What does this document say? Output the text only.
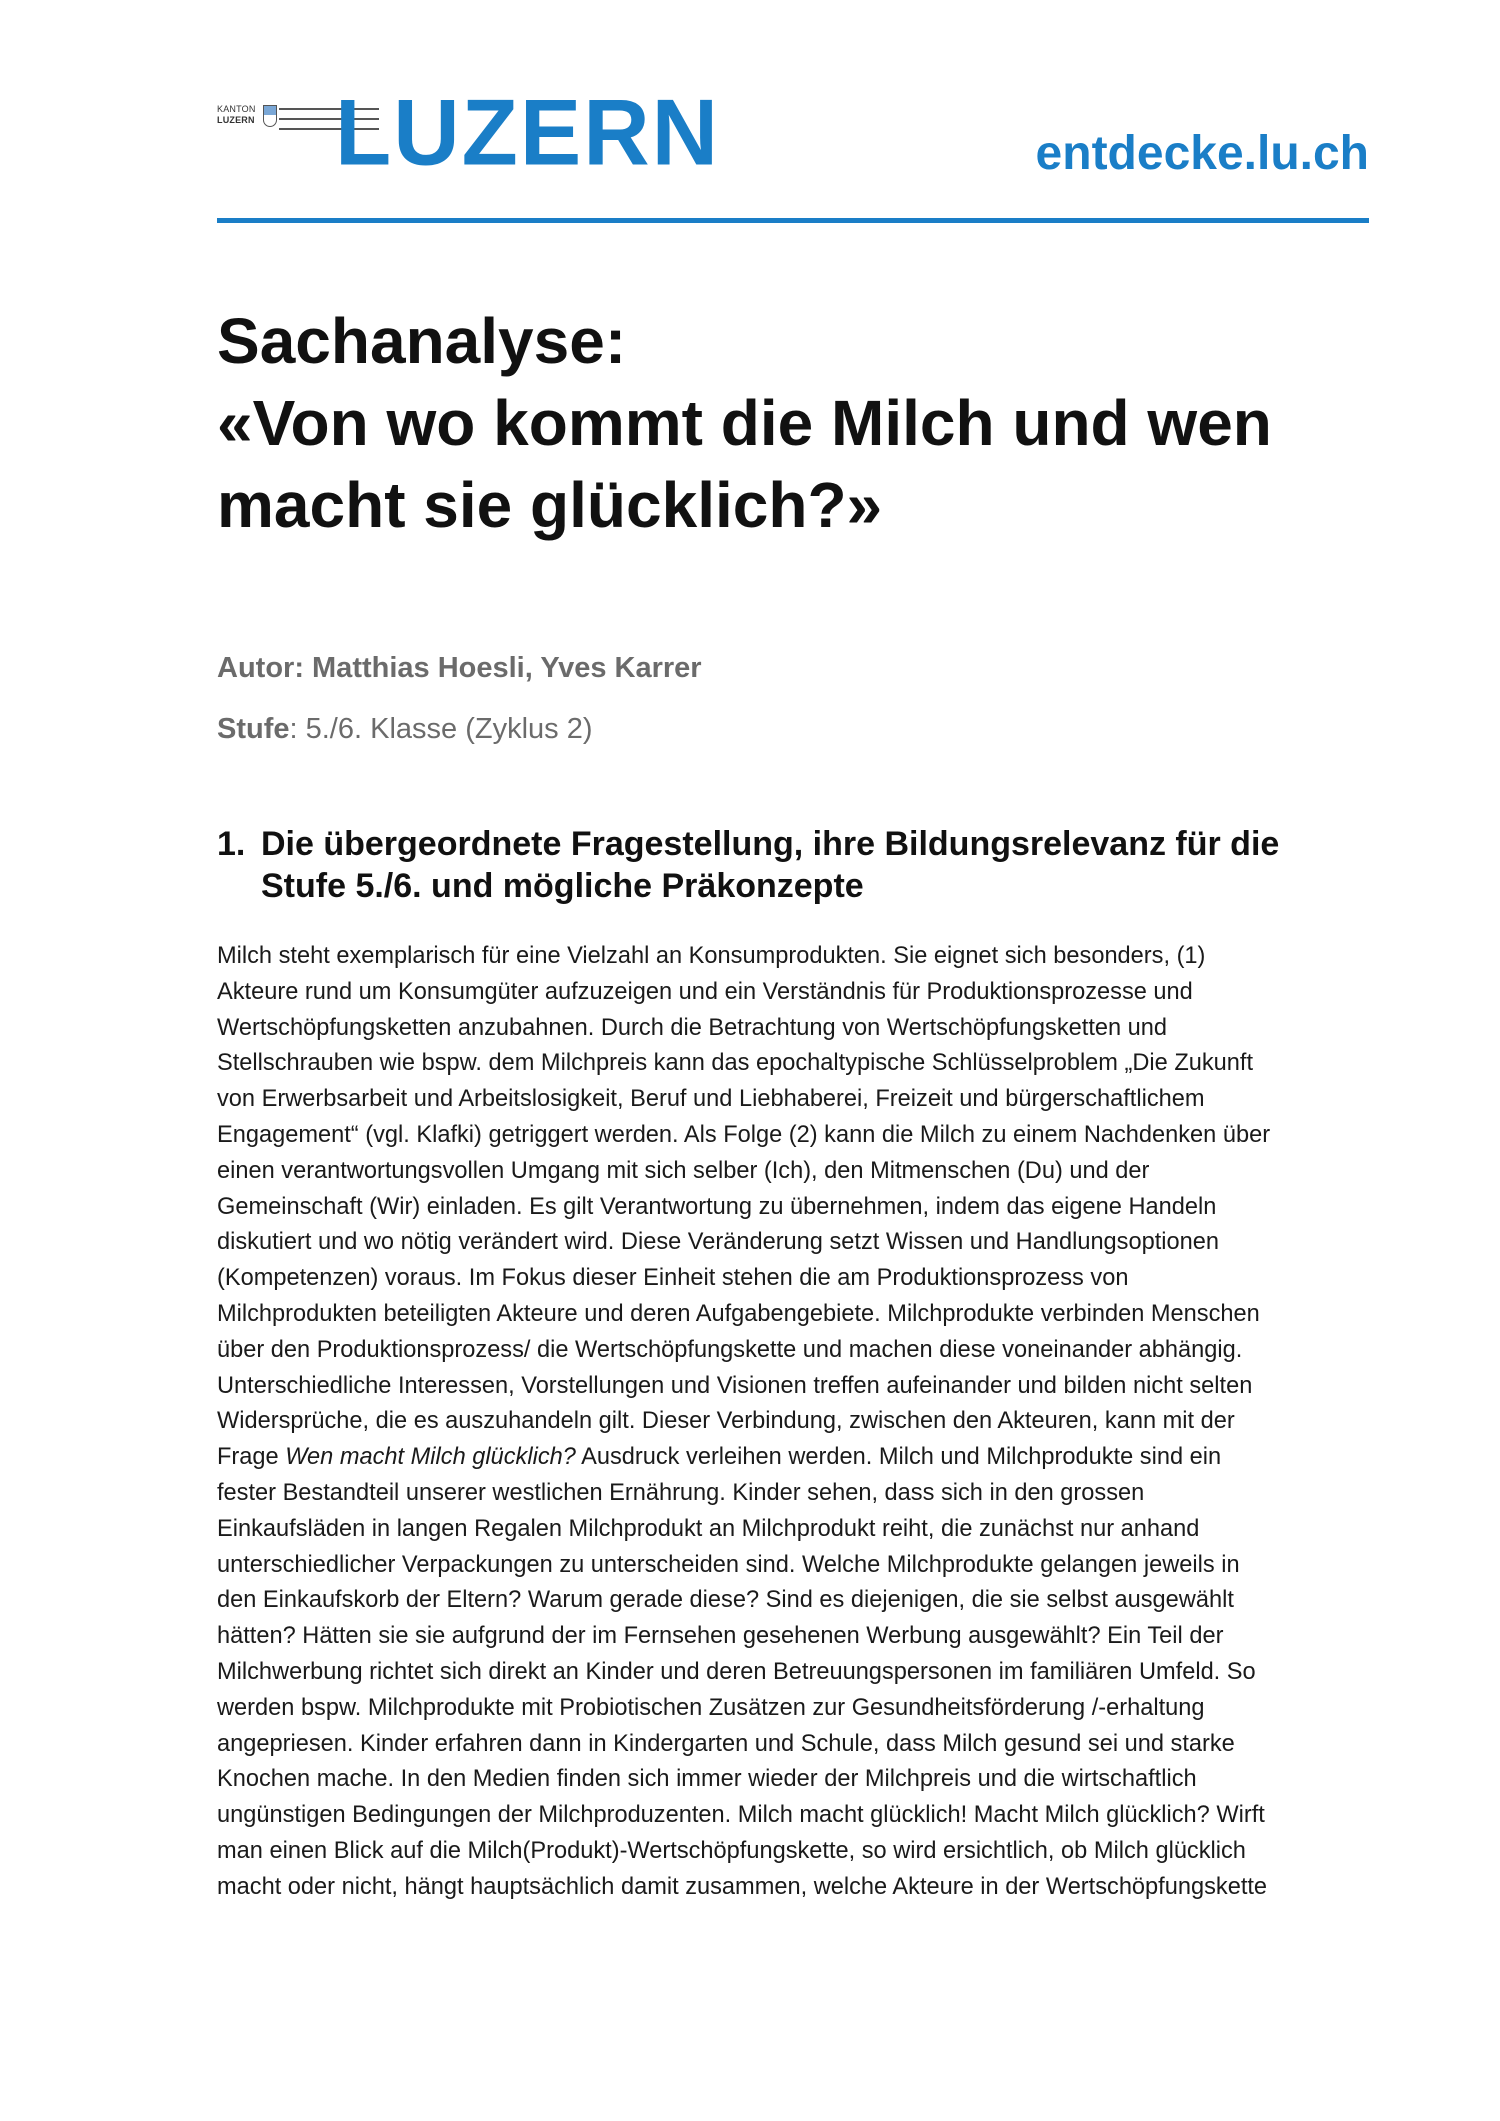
KANTON
LUZERN LUZERN	entdecke.lu.ch
Sachanalyse:
«Von wo kommt die Milch und wen
macht sie glücklich?»
Autor: Matthias Hoesli, Yves Karrer
Stufe: 5./6. Klasse (Zyklus 2)
1. Die übergeordnete Fragestellung, ihre Bildungsrelevanz für die
Stufe 5./6. und mögliche Präkonzepte

Milch steht exemplarisch für eine Vielzahl an Konsumprodukten. Sie eignet sich besonders, (1)

Akteure rund um Konsumgüter aufzuzeigen und ein Verständnis für Produktionsprozesse und

Wertschöpfungsketten anzubahnen. Durch die Betrachtung von Wertschöpfungsketten und

Stellschrauben wie bspw. dem Milchpreis kann das epochaltypische Schlüsselproblem „Die Zukunft

von Erwerbsarbeit und Arbeitslosigkeit, Beruf und Liebhaberei, Freizeit und bürgerschaftlichem

Engagement“ (vgl. Klafki) getriggert werden. Als Folge (2) kann die Milch zu einem Nachdenken über

einen verantwortungsvollen Umgang mit sich selber (Ich), den Mitmenschen (Du) und der

Gemeinschaft (Wir) einladen. Es gilt Verantwortung zu übernehmen, indem das eigene Handeln

diskutiert und wo nötig verändert wird. Diese Veränderung setzt Wissen und Handlungsoptionen

(Kompetenzen) voraus. Im Fokus dieser Einheit stehen die am Produktionsprozess von

Milchprodukten beteiligten Akteure und deren Aufgabengebiete. Milchprodukte verbinden Menschen

über den Produktionsprozess/ die Wertschöpfungskette und machen diese voneinander abhängig.

Unterschiedliche Interessen, Vorstellungen und Visionen treffen aufeinander und bilden nicht selten

Widersprüche, die es auszuhandeln gilt. Dieser Verbindung, zwischen den Akteuren, kann mit der

Frage Wen macht Milch glücklich? Ausdruck verleihen werden. Milch und Milchprodukte sind ein

fester Bestandteil unserer westlichen Ernährung. Kinder sehen, dass sich in den grossen

Einkaufsläden in langen Regalen Milchprodukt an Milchprodukt reiht, die zunächst nur anhand

unterschiedlicher Verpackungen zu unterscheiden sind. Welche Milchprodukte gelangen jeweils in

den Einkaufskorb der Eltern? Warum gerade diese? Sind es diejenigen, die sie selbst ausgewählt

hätten? Hätten sie sie aufgrund der im Fernsehen gesehenen Werbung ausgewählt? Ein Teil der

Milchwerbung richtet sich direkt an Kinder und deren Betreuungspersonen im familiären Umfeld. So

werden bspw. Milchprodukte mit Probiotischen Zusätzen zur Gesundheitsförderung /-erhaltung

angepriesen. Kinder erfahren dann in Kindergarten und Schule, dass Milch gesund sei und starke

Knochen mache. In den Medien finden sich immer wieder der Milchpreis und die wirtschaftlich

ungünstigen Bedingungen der Milchproduzenten. Milch macht glücklich! Macht Milch glücklich? Wirft

man einen Blick auf die Milch(Produkt)-Wertschöpfungskette, so wird ersichtlich, ob Milch glücklich

macht oder nicht, hängt hauptsächlich damit zusammen, welche Akteure in der Wertschöpfungskette
